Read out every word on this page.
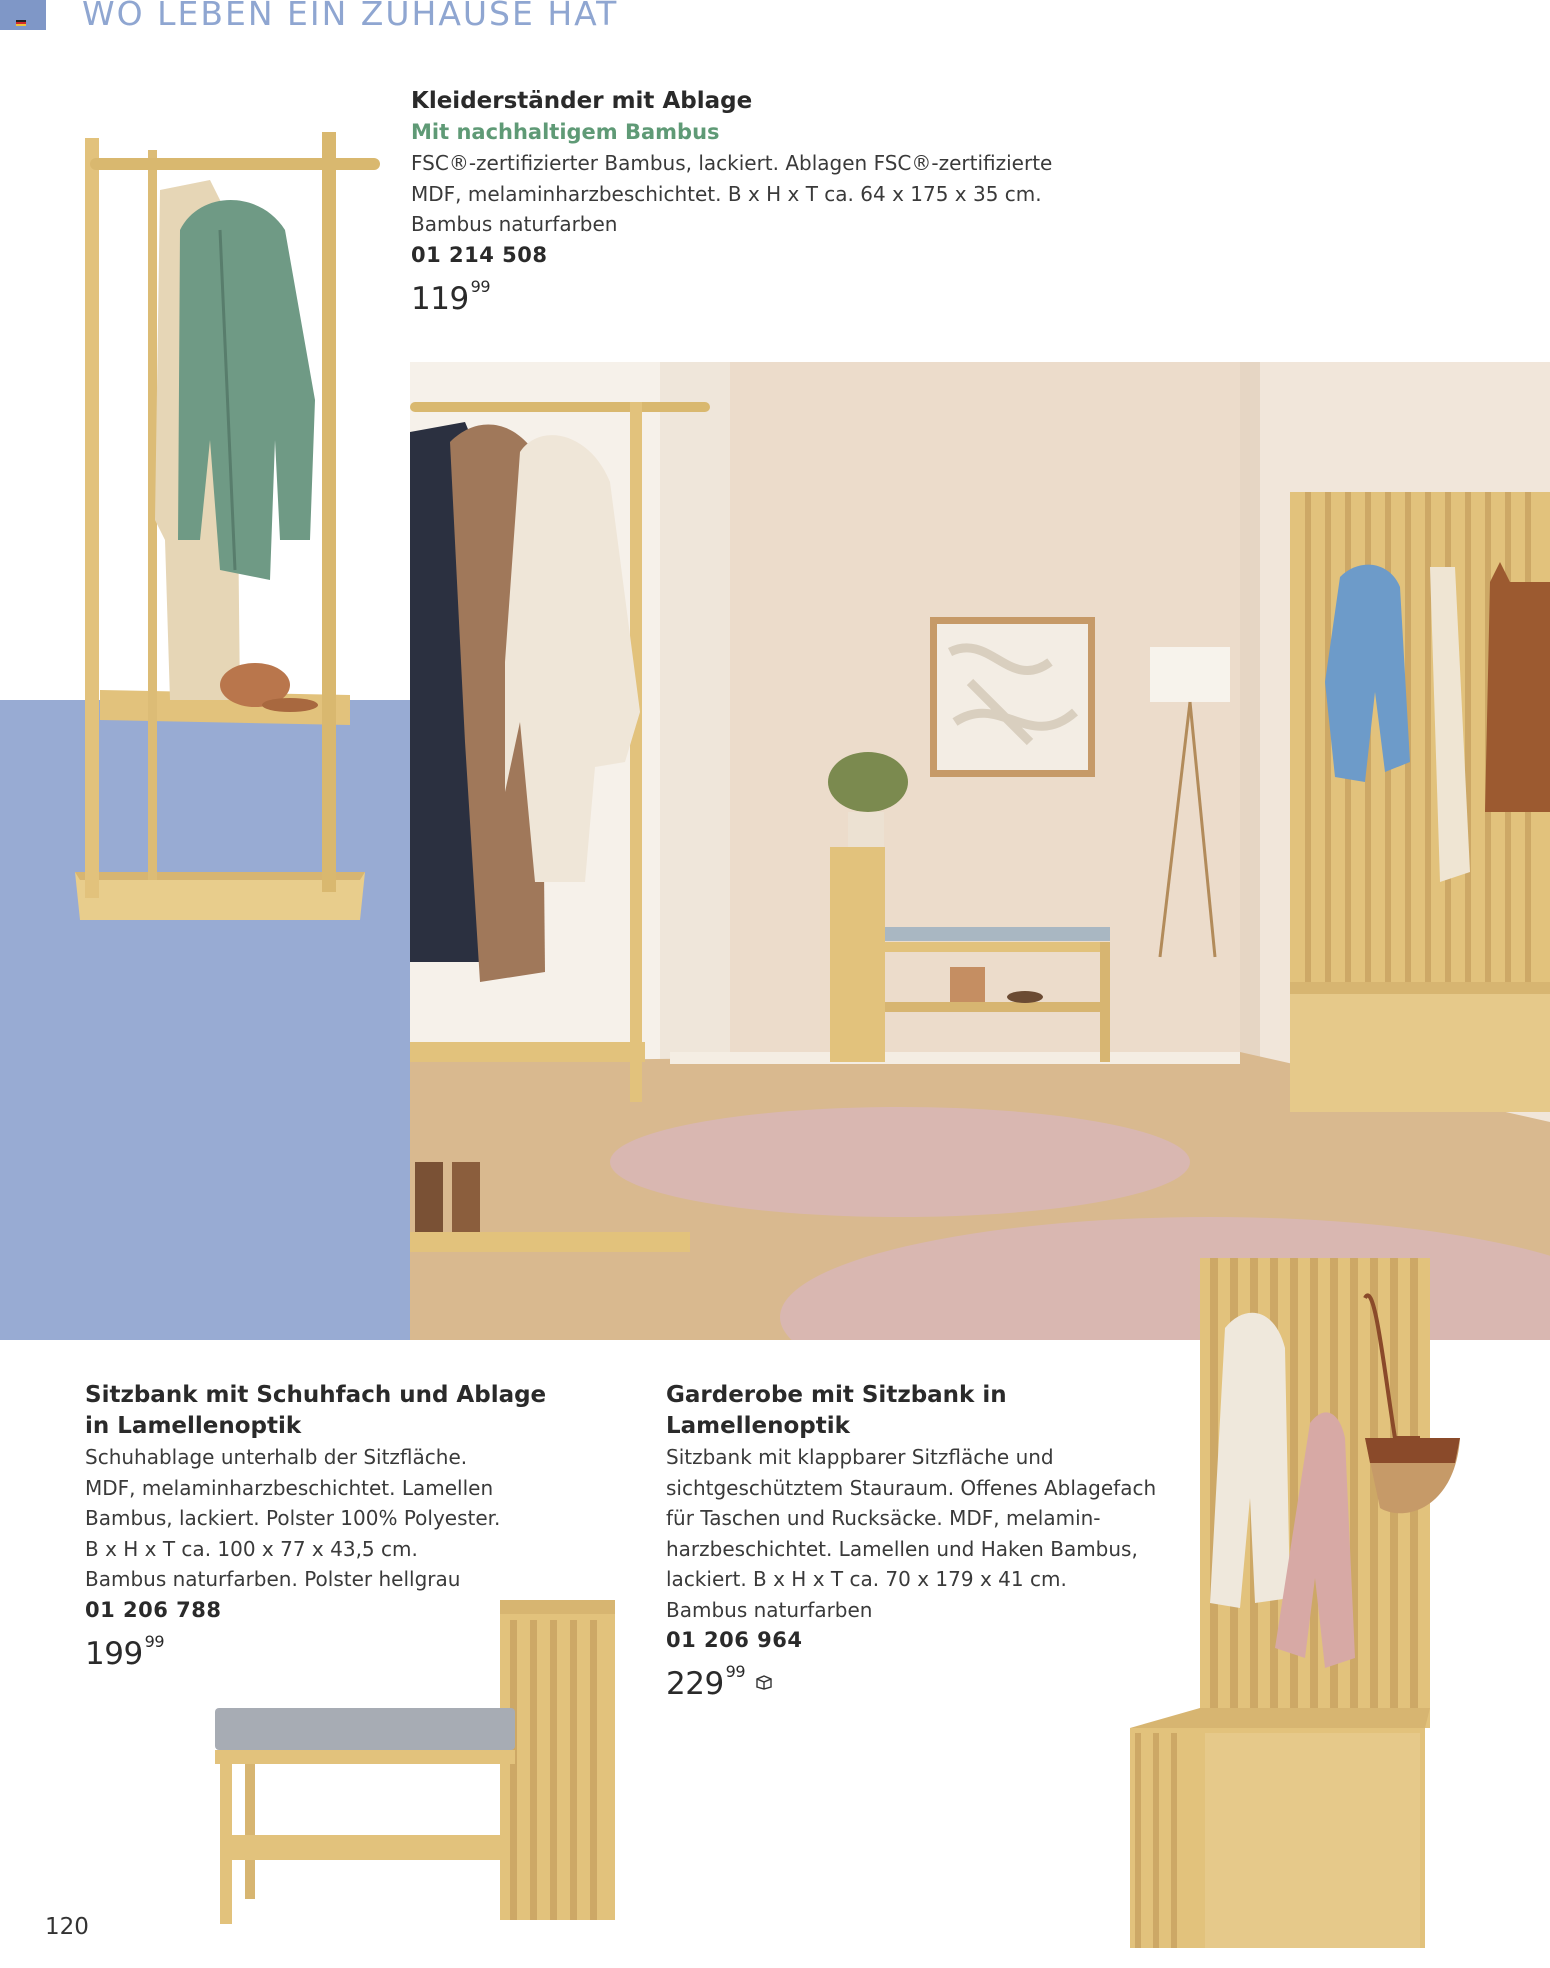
WO LEBEN EIN ZUHAUSE HAT
Kleiderständer mit Ablage
Mit nachhaltigem Bambus

FSC®-zertifizierter Bambus, lackiert. Ablagen FSC®-zertifizierte

MDF, melaminharzbeschichtet. B x H x T ca. 64 x 175 x 35 cm.

Bambus naturfarben

01 214 508
119 $^{99}$
Sitzbank mit Schuhfach und Ablage
in Lamellenoptik

Schuhablage unterhalb der Sitzfläche.

MDF, melaminharzbeschichtet. Lamellen

Bambus, lackiert. Polster 100% Polyester.

B x H x T ca. 100 x 77 x 43,5 cm.

Bambus naturfarben. Polster hellgrau

01 206 788
199 $^{99}$
Garderobe mit Sitzbank in Lamellenoptik

Sitzbank mit klappbarer Sitzfläche und

sichtgeschütztem Stauraum. Offenes Ablagefach

für Taschen und Rucksäcke. MDF, melamin-

harzbeschichtet. Lamellen und Haken Bambus,

lackiert. B x H x T ca. 70 x 179 x 41 cm.

Bambus naturfarben

01 206 964
229 $^{99}$
120
